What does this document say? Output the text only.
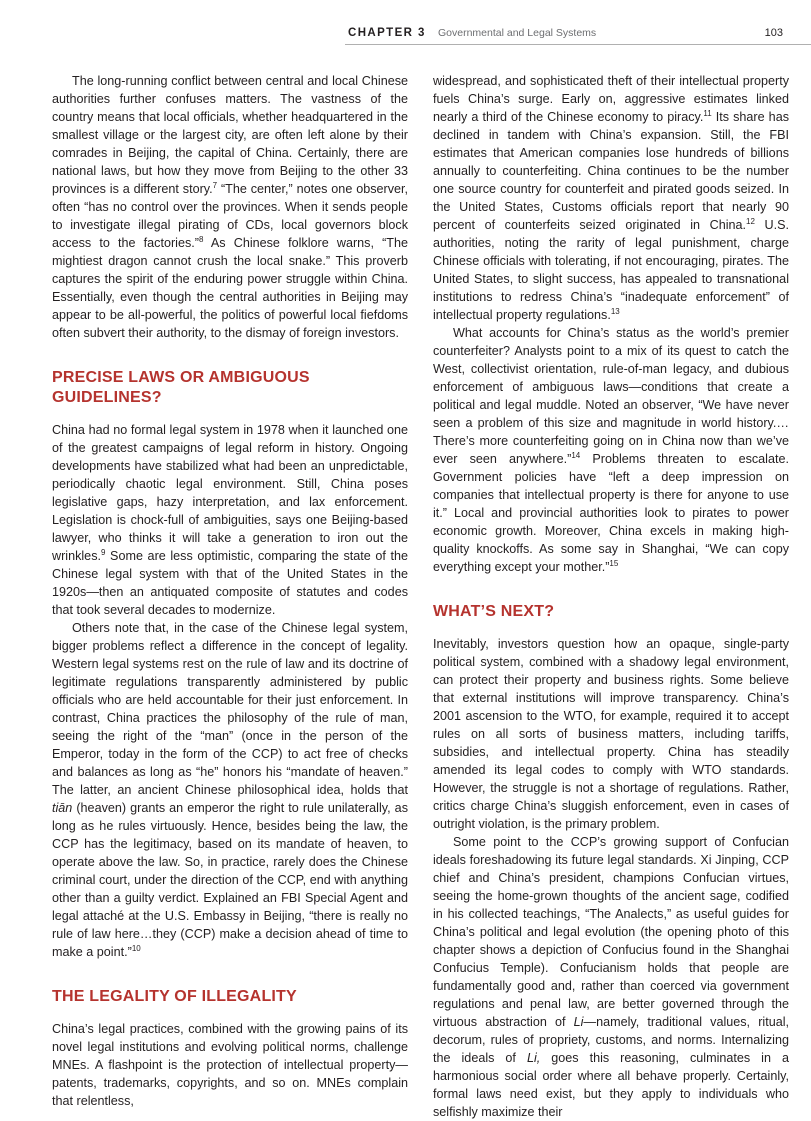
CHAPTER 3 Governmental and Legal Systems	103

The long-running conflict between central and local Chinese authorities further confuses matters. The vastness of the country means that local officials, whether headquartered in the smallest village or the largest city, are often left alone by their comrades in Beijing, the capital of China. Certainly, there are national laws, but how they move from Beijing to the other 33 provinces is a different story.$^7$ “The center,” notes one observer, often “has no control over the provinces. When it sends people to investigate illegal pirating of CDs, local governors block access to the factories.”$^8$ As Chinese folklore warns, “The mightiest dragon cannot crush the local snake.” This proverb captures the spirit of the enduring power struggle within China. Essentially, even though the central authorities in Beijing may appear to be all-powerful, the politics of powerful local fiefdoms often subvert their authority, to the dismay of foreign investors.

PRECISE LAWS OR AMBIGUOUS GUIDELINES?

China had no formal legal system in 1978 when it launched one of the greatest campaigns of legal reform in history. Ongoing developments have stabilized what had been an unpredictable, periodically chaotic legal environment. Still, China poses legislative gaps, hazy interpretation, and lax enforcement. Legislation is chock-full of ambiguities, says one Beijing-based lawyer, who thinks it will take a generation to iron out the wrinkles.$^9$ Some are less optimistic, comparing the state of the Chinese legal system with that of the United States in the 1920s—then an antiquated composite of statutes and codes that took several decades to modernize.

Others note that, in the case of the Chinese legal system, bigger problems reflect a difference in the concept of legality. Western legal systems rest on the rule of law and its doctrine of legitimate regulations transparently administered by public officials who are held accountable for their just enforcement. In contrast, China practices the philosophy of the rule of man, seeing the right of the “man” (once in the person of the Emperor, today in the form of the CCP) to act free of checks and balances as long as “he” honors his “mandate of heaven.” The latter, an ancient Chinese philosophical idea, holds that tiān (heaven) grants an emperor the right to rule unilaterally, as long as he rules virtuously. Hence, besides being the law, the CCP has the legitimacy, based on its mandate of heaven, to operate above the law. So, in practice, rarely does the Chinese criminal court, under the direction of the CCP, end with anything other than a guilty verdict. Explained an FBI Special Agent and legal attaché at the U.S. Embassy in Beijing, “there is really no rule of law here…they (CCP) make a decision ahead of time to make a point.”$^{10}$

THE LEGALITY OF ILLEGALITY

China’s legal practices, combined with the growing pains of its novel legal institutions and evolving political norms, challenge MNEs. A flashpoint is the protection of intellectual property—patents, trademarks, copyrights, and so on. MNEs complain that relentless,

widespread, and sophisticated theft of their intellectual property fuels China’s surge. Early on, aggressive estimates linked nearly a third of the Chinese economy to piracy.$^{11}$ Its share has declined in tandem with China’s expansion. Still, the FBI estimates that American companies lose hundreds of billions annually to counterfeiting. China continues to be the number one source country for counterfeit and pirated goods seized. In the United States, Customs officials report that nearly 90 percent of counterfeits seized originated in China.$^{12}$ U.S. authorities, noting the rarity of legal punishment, charge Chinese officials with tolerating, if not encouraging, pirates. The United States, to slight success, has appealed to transnational institutions to redress China’s “inadequate enforcement” of intellectual property regulations.$^{13}$

What accounts for China’s status as the world’s premier counterfeiter? Analysts point to a mix of its quest to catch the West, collectivist orientation, rule-of-man legacy, and dubious enforcement of ambiguous laws—conditions that create a political and legal muddle. Noted an observer, “We have never seen a problem of this size and magnitude in world history.…There’s more counterfeiting going on in China now than we’ve ever seen anywhere.”$^{14}$ Problems threaten to escalate. Government policies have “left a deep impression on companies that intellectual property is there for anyone to use it.” Local and provincial authorities look to pirates to power economic growth. Moreover, China excels in making high-quality knockoffs. As some say in Shanghai, “We can copy everything except your mother.”$^{15}$

WHAT’S NEXT?

Inevitably, investors question how an opaque, single-party political system, combined with a shadowy legal environment, can protect their property and business rights. Some believe that external institutions will improve transparency. China’s 2001 ascension to the WTO, for example, required it to accept rules on all sorts of business matters, including tariffs, subsidies, and intellectual property. China has steadily amended its legal codes to comply with WTO standards. However, the struggle is not a shortage of regulations. Rather, critics charge China’s sluggish enforcement, even in cases of outright violation, is the primary problem.

Some point to the CCP’s growing support of Confucian ideals foreshadowing its future legal standards. Xi Jinping, CCP chief and China’s president, champions Confucian virtues, seeing the home-grown thoughts of the ancient sage, codified in his collected teachings, “The Analects,” as useful guides for China’s political and legal evolution (the opening photo of this chapter shows a depiction of Confucius found in the Shanghai Confucius Temple). Confucianism holds that people are fundamentally good and, rather than coerced via government regulations and penal law, are better governed through the virtuous abstraction of Li—namely, traditional values, ritual, decorum, rules of propriety, customs, and norms. Internalizing the ideals of Li, goes this reasoning, culminates in a harmonious social order where all behave properly. Certainly, formal laws need exist, but they apply to individuals who selfishly maximize their
